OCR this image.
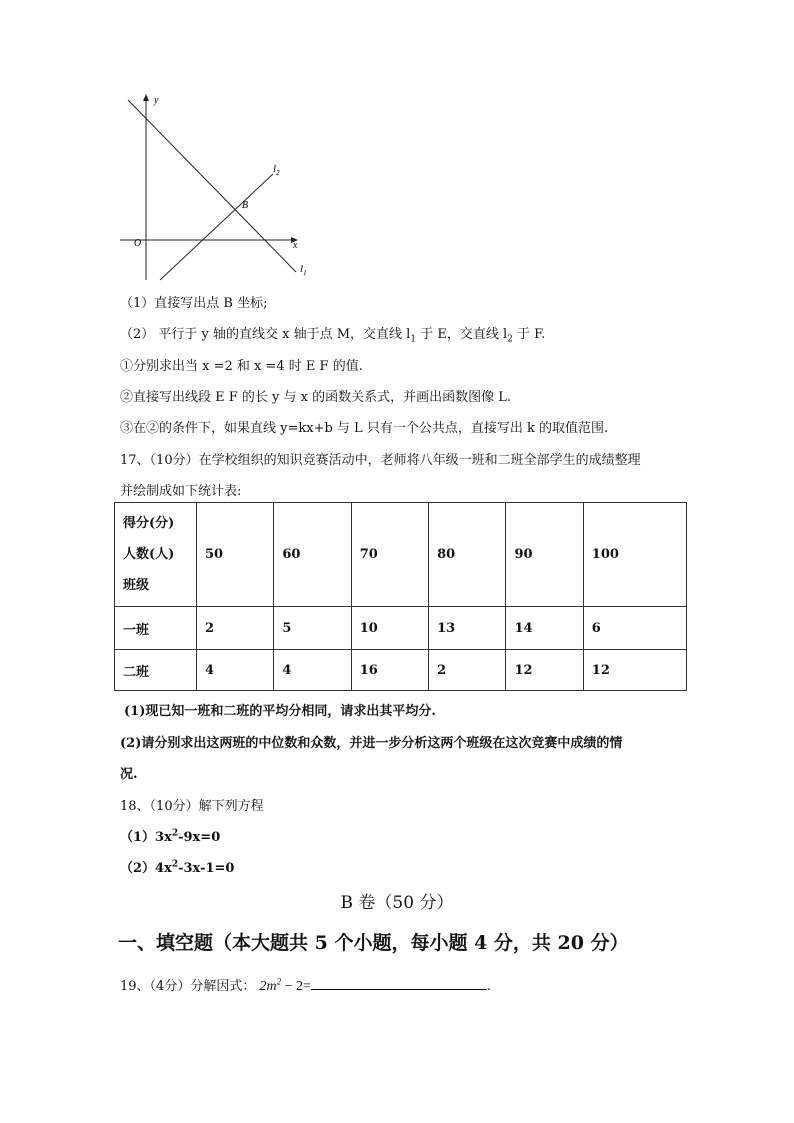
y
x
O
B
$l_2$
$l_1$
（1）直接写出点 B 坐标;
（2） 平行于 y 轴的直线交 x 轴于点 M，交直线 $l_1$ 于 E，交直线 $l_2$ 于 F.
①分别求出当 x =2 和 x =4 时 E F 的值.
②直接写出线段 E F 的长 y 与 x 的函数关系式，并画出函数图像 L.
③在②的条件下，如果直线 y=kx+b 与 L 只有一个公共点，直接写出 k 的取值范围.
17、（10分）在学校组织的知识竞赛活动中，老师将八年级一班和二班全部学生的成绩整理
并绘制成如下统计表:
得分(分)
人数(人)
班级	50	60	70	80	90	100
一班	2	5	10	13	14	6
二班	4	4	16	2	12	12
(1)现已知一班和二班的平均分相同，请求出其平均分.
(2)请分别求出这两班的中位数和众数，并进一步分析这两个班级在这次竞赛中成绩的情
况.
18、（10分）解下列方程
$(1)3x^2-9x=0$
$(2)4x^2-3x-1=0$
B 卷（50 分）
一、填空题（本大题共 5 个小题，每小题 4 分，共 20 分）
19、（4分）分解因式： $2m^2 - 2=$	.
